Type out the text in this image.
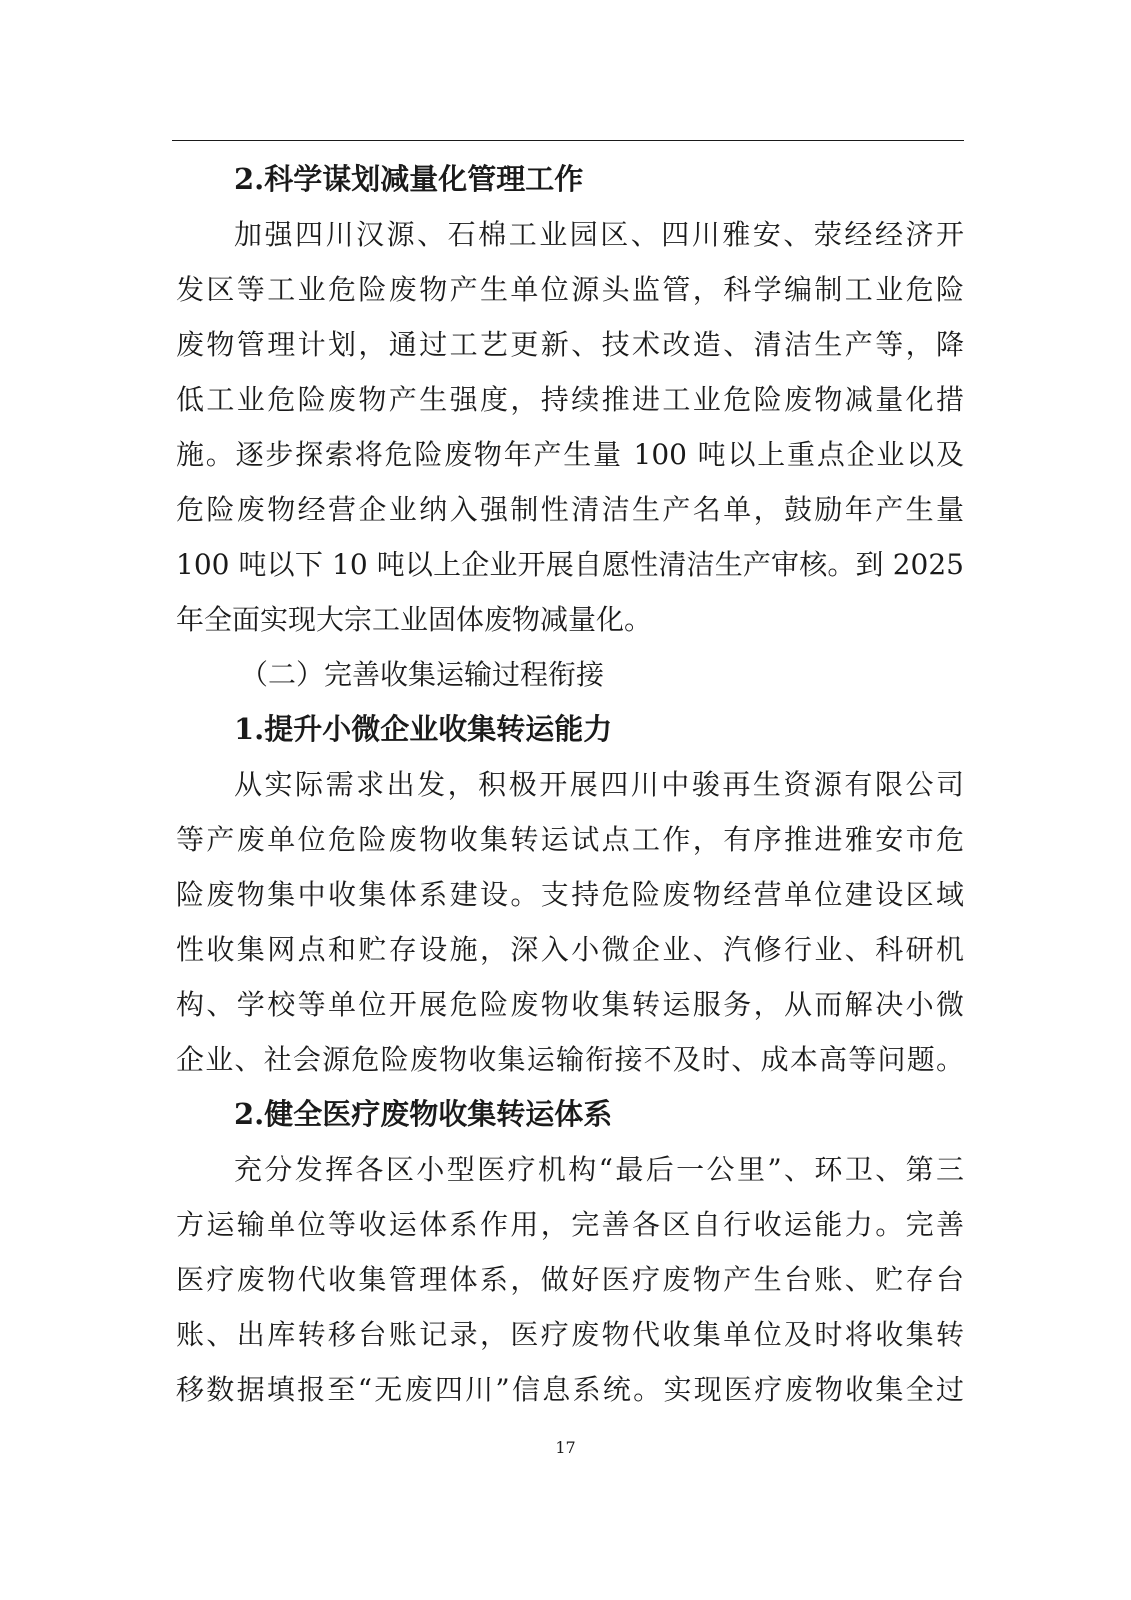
2.科学谋划减量化管理工作
加强四川汉源、石棉工业园区、四川雅安、荥经经济开
发区等工业危险废物产生单位源头监管，科学编制工业危险
废物管理计划，通过工艺更新、技术改造、清洁生产等，降
低工业危险废物产生强度，持续推进工业危险废物减量化措
施。逐步探索将危险废物年产生量 100 吨以上重点企业以及
危险废物经营企业纳入强制性清洁生产名单，鼓励年产生量
100 吨以下 10 吨以上企业开展自愿性清洁生产审核。到 2025
年全面实现大宗工业固体废物减量化。
（二）完善收集运输过程衔接
1.提升小微企业收集转运能力
从实际需求出发，积极开展四川中骏再生资源有限公司
等产废单位危险废物收集转运试点工作，有序推进雅安市危
险废物集中收集体系建设。支持危险废物经营单位建设区域
性收集网点和贮存设施，深入小微企业、汽修行业、科研机
构、学校等单位开展危险废物收集转运服务，从而解决小微
企业、社会源危险废物收集运输衔接不及时、成本高等问题。
2.健全医疗废物收集转运体系
充分发挥各区小型医疗机构“最后一公里”、环卫、第三
方运输单位等收运体系作用，完善各区自行收运能力。完善
医疗废物代收集管理体系，做好医疗废物产生台账、贮存台
账、出库转移台账记录，医疗废物代收集单位及时将收集转
移数据填报至“无废四川”信息系统。实现医疗废物收集全过
17
